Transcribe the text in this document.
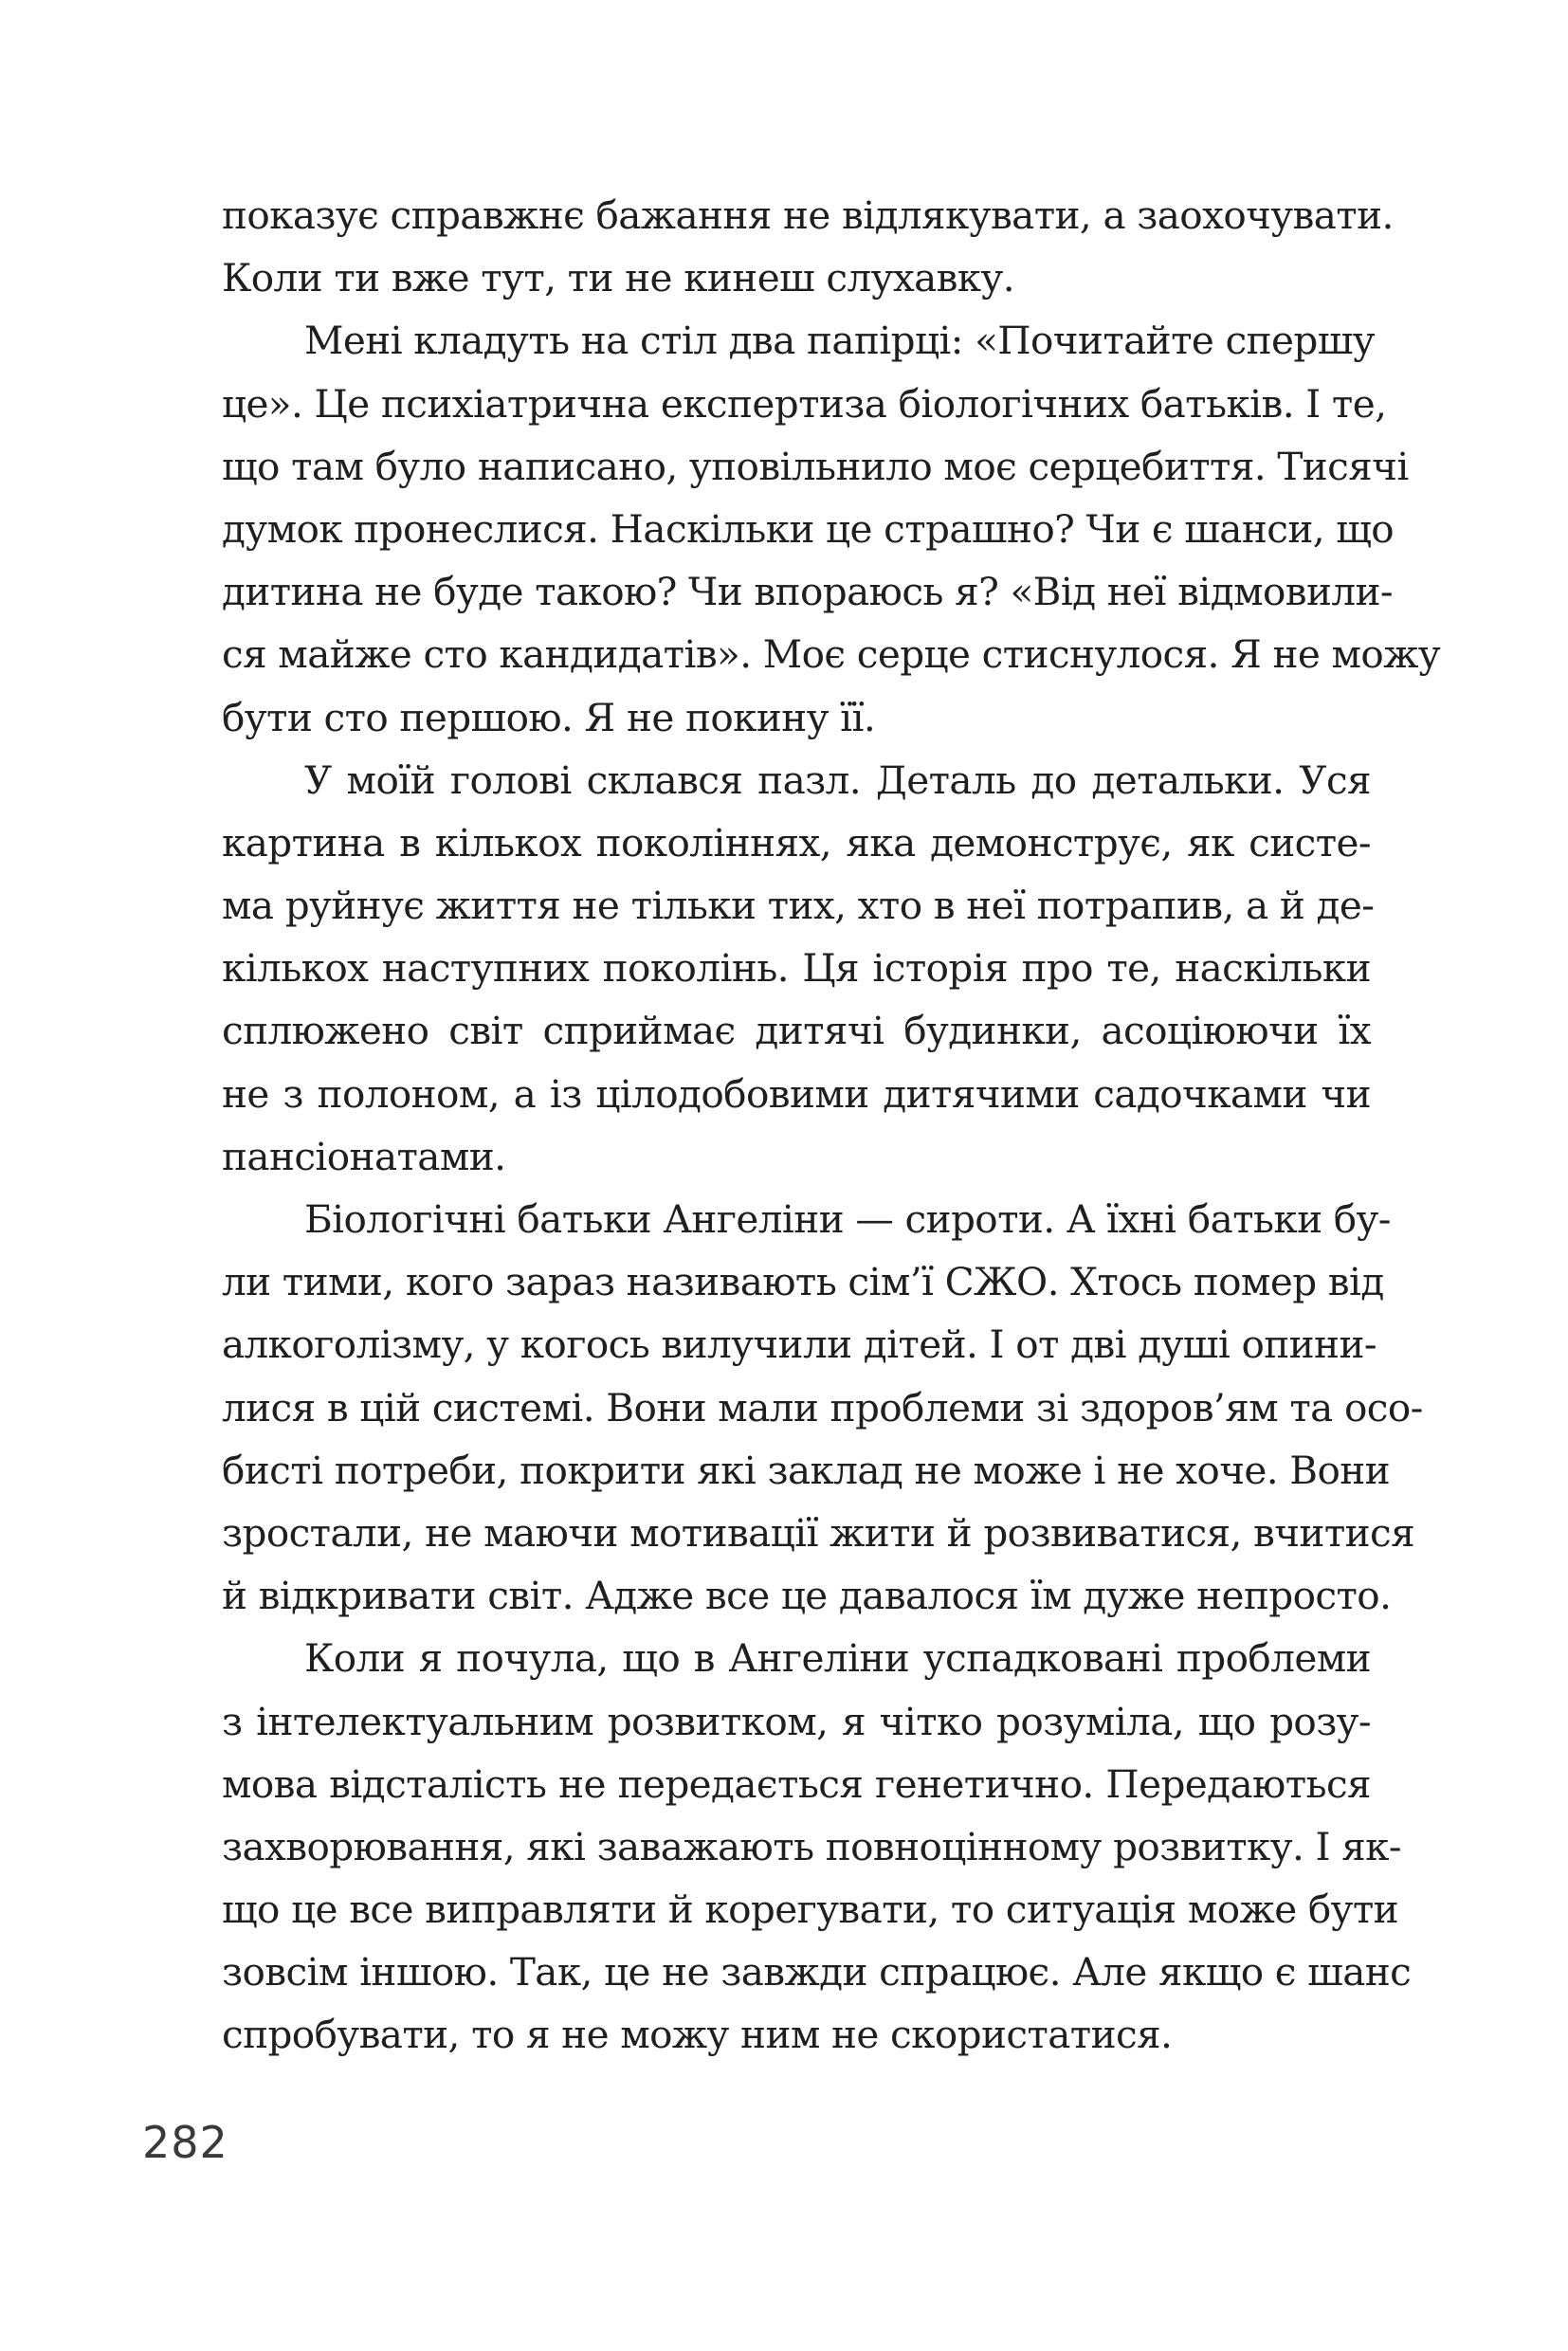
показує справжнє бажання не відлякувати, а заохочувати.
Коли ти вже тут, ти не кинеш слухавку.
Мені кладуть на стіл два папірці: «Почитайте спершу
це». Це психіатрична експертиза біологічних батьків. І те,
що там було написано, уповільнило моє серцебиття. Тисячі
думок пронеслися. Наскільки це страшно? Чи є шанси, що
дитина не буде такою? Чи впораюсь я? «Від неї відмовили-
ся майже сто кандидатів». Моє серце стиснулося. Я не можу
бути сто першою. Я не покину її.
У моїй голові склався пазл. Деталь до детальки. Уся
картина в кількох поколіннях, яка демонструє, як систе-
ма руйнує життя не тільки тих, хто в неї потрапив, а й де-
кількох наступних поколінь. Ця історія про те, наскільки
сплюжено світ сприймає дитячі будинки, асоціюючи їх
не з полоном, а із цілодобовими дитячими садочками чи
пансіонатами.
Біологічні батьки Ангеліни — сироти. А їхні батьки бу-
ли тими, кого зараз називають сім’ї СЖО. Хтось помер від
алкоголізму, у когось вилучили дітей. І от дві душі опини-
лися в цій системі. Вони мали проблеми зі здоров’ям та осо-
бисті потреби, покрити які заклад не може і не хоче. Вони
зростали, не маючи мотивації жити й розвиватися, вчитися
й відкривати світ. Адже все це давалося їм дуже непросто.
Коли я почула, що в Ангеліни успадковані проблеми
з інтелектуальним розвитком, я чітко розуміла, що розу-
мова відсталість не передається генетично. Передаються
захворювання, які заважають повноцінному розвитку. І як-
що це все виправляти й корегувати, то ситуація може бути
зовсім іншою. Так, це не завжди спрацює. Але якщо є шанс
спробувати, то я не можу ним не скористатися.
282
